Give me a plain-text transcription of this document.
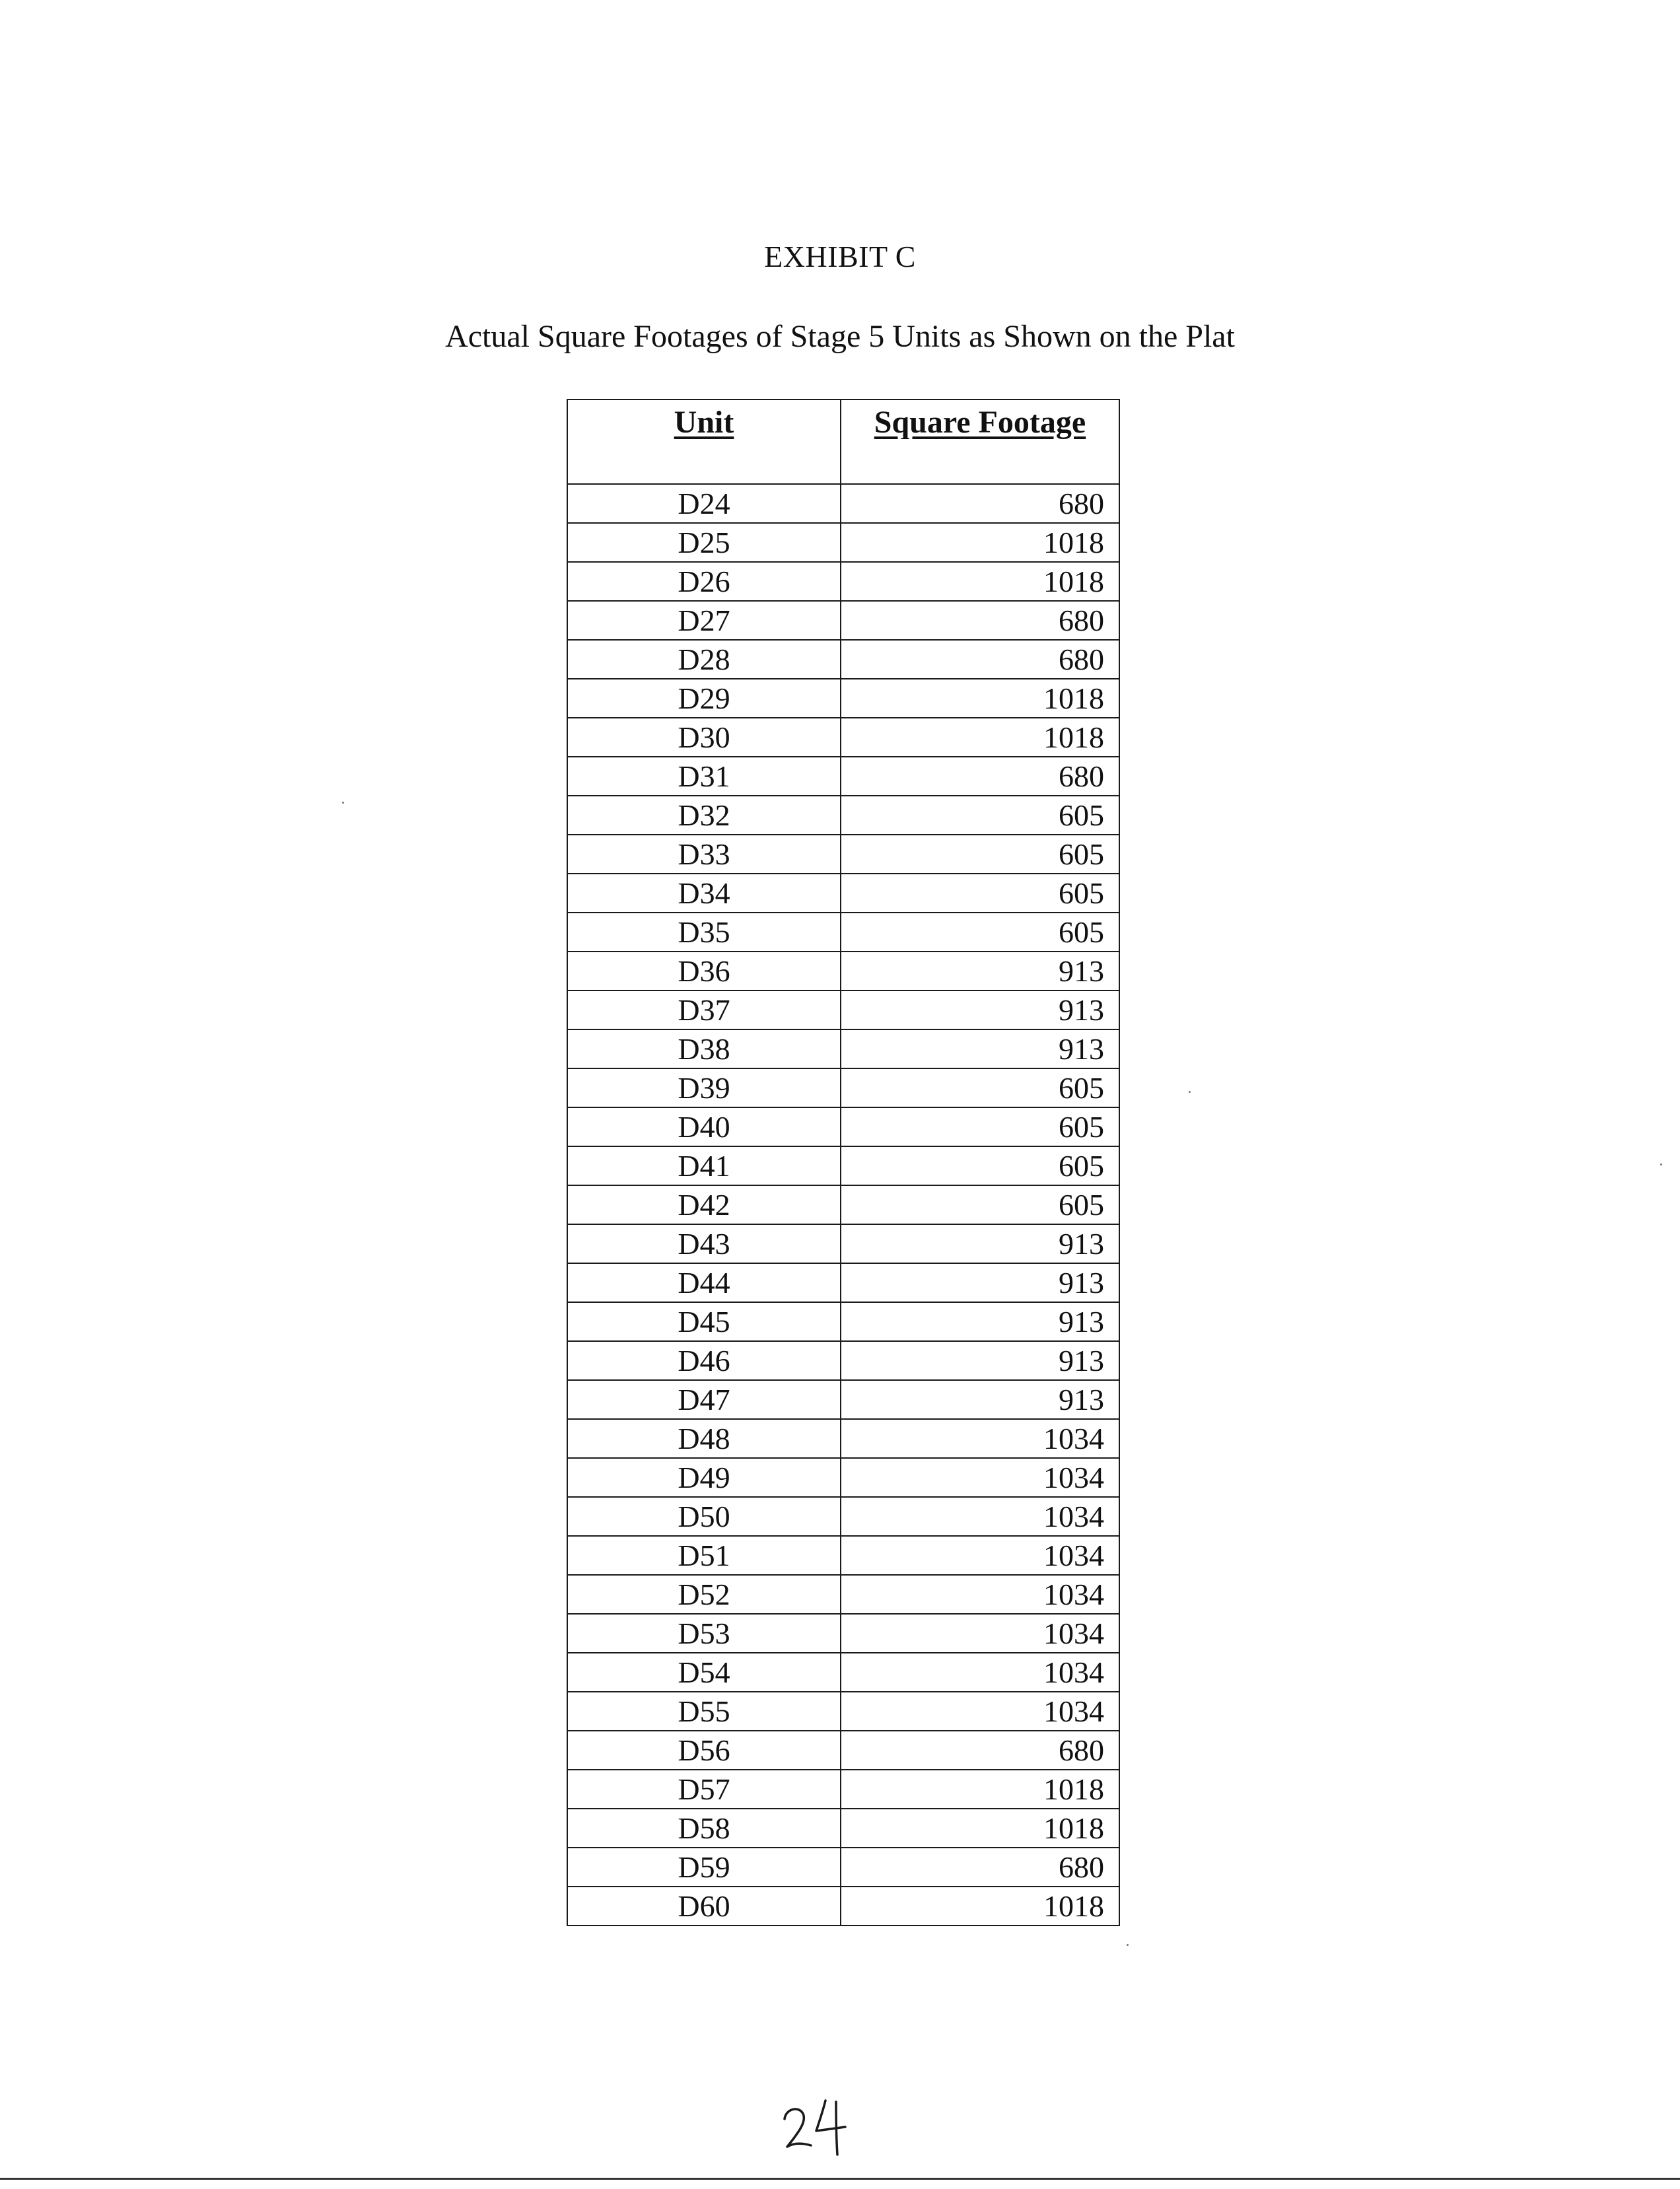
EXHIBIT C
Actual Square Footages of Stage 5 Units as Shown on the Plat
Unit	Square Footage
D24	680
D25	1018
D26	1018
D27	680
D28	680
D29	1018
D30	1018
D31	680
D32	605
D33	605
D34	605
D35	605
D36	913
D37	913
D38	913
D39	605
D40	605
D41	605
D42	605
D43	913
D44	913
D45	913
D46	913
D47	913
D48	1034
D49	1034
D50	1034
D51	1034
D52	1034
D53	1034
D54	1034
D55	1034
D56	680
D57	1018
D58	1018
D59	680
D60	1018
